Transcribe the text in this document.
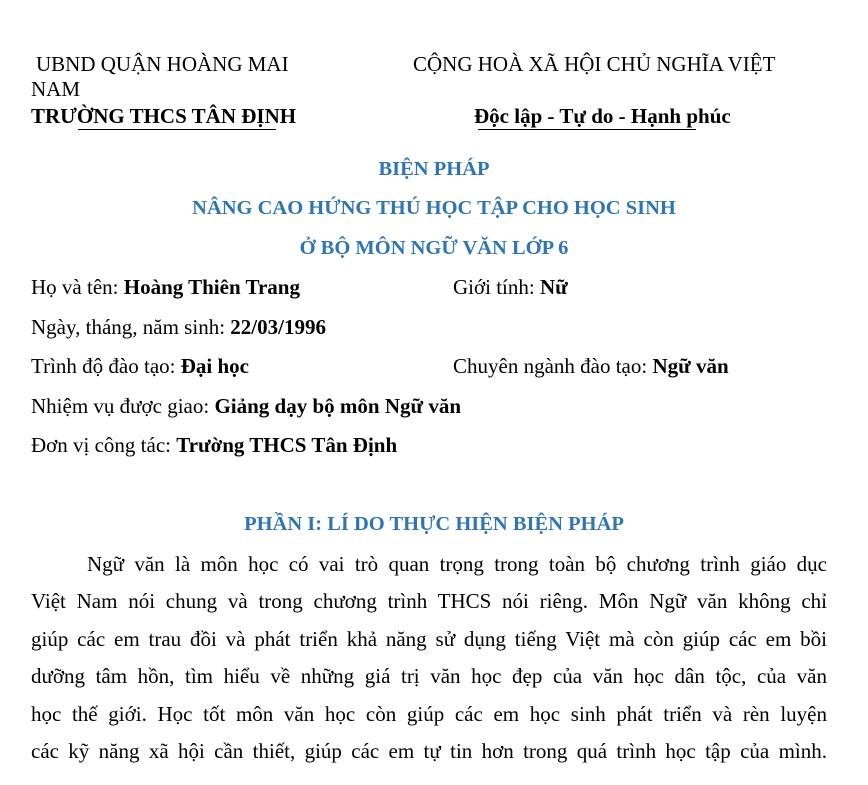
UBND QUẬN HOÀNG MAI
NAM
TRƯỜNG THCS TÂN ĐỊNH
CỘNG HOÀ XÃ HỘI CHỦ NGHĨA VIỆT
Độc lập - Tự do - Hạnh phúc
BIỆN PHÁP
NÂNG CAO HỨNG THÚ HỌC TẬP CHO HỌC SINH
Ở BỘ MÔN NGỮ VĂN LỚP 6
Họ và tên: Hoàng Thiên Trang	Giới tính: Nữ
Ngày, tháng, năm sinh: 22/03/1996
Trình độ đào tạo: Đại học	Chuyên ngành đào tạo: Ngữ văn
Nhiệm vụ được giao: Giảng dạy bộ môn Ngữ văn
Đơn vị công tác: Trường THCS Tân Định
PHẦN I: LÍ DO THỰC HIỆN BIỆN PHÁP
Ngữ văn là môn học có vai trò quan trọng trong toàn bộ chương trình giáo dục
Việt Nam nói chung và trong chương trình THCS nói riêng. Môn Ngữ văn không chỉ
giúp các em trau đồi và phát triển khả năng sử dụng tiếng Việt mà còn giúp các em bồi
dưỡng tâm hồn, tìm hiểu về những giá trị văn học đẹp của văn học dân tộc, của văn
học thế giới. Học tốt môn văn học còn giúp các em học sinh phát triển và rèn luyện
các kỹ năng xã hội cần thiết, giúp các em tự tin hơn trong quá trình học tập của mình.
